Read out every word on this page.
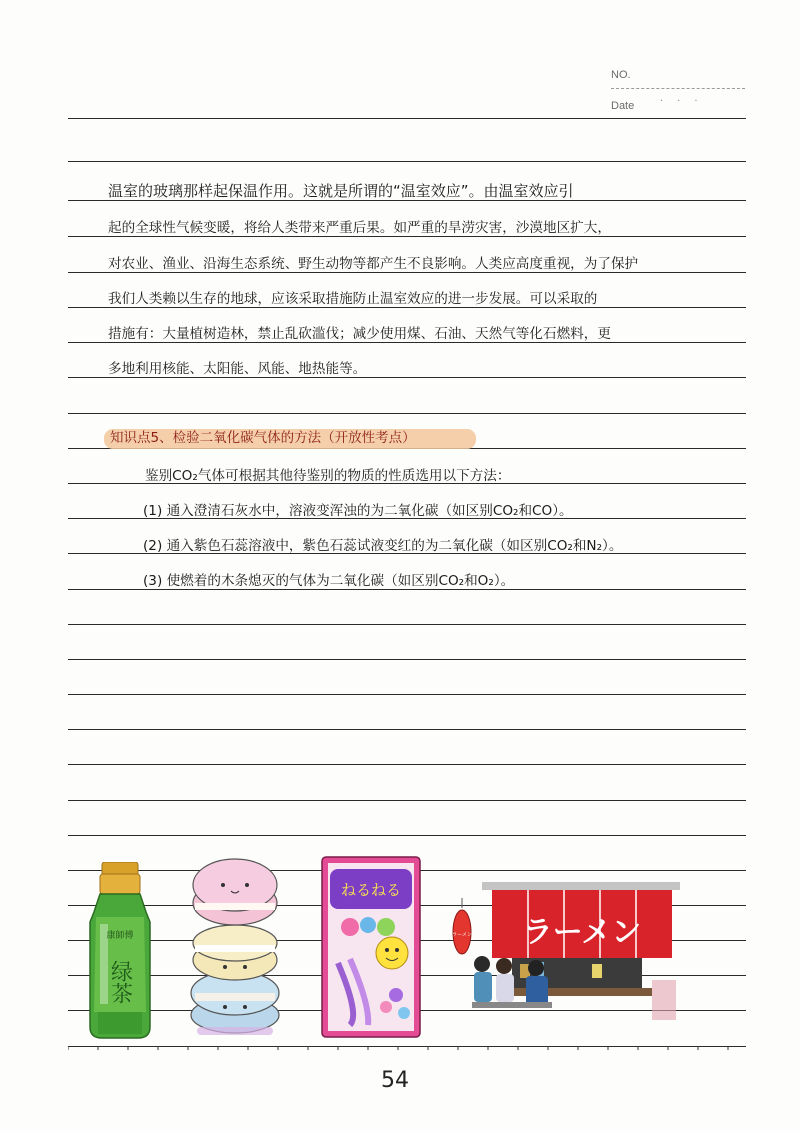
NO.
Date	···
温室的玻璃那样起保温作用。这就是所谓的“温室效应”。由温室效应引
起的全球性气候变暖，将给人类带来严重后果。如严重的旱涝灾害，沙漠地区扩大，
对农业、渔业、沿海生态系统、野生动物等都产生不良影响。人类应高度重视，为了保护
我们人类赖以生存的地球，应该采取措施防止温室效应的进一步发展。可以采取的
措施有：大量植树造林，禁止乱砍滥伐；减少使用煤、石油、天然气等化石燃料，更
多地利用核能、太阳能、风能、地热能等。
知识点5、检验二氧化碳气体的方法（开放性考点）
鉴别CO₂气体可根据其他待鉴别的物质的性质选用以下方法：
(1) 通入澄清石灰水中，溶液变浑浊的为二氧化碳（如区别CO₂和CO）。
(2) 通入紫色石蕊溶液中，紫色石蕊试液变红的为二氧化碳（如区别CO₂和N₂）。
(3) 使燃着的木条熄灭的气体为二氧化碳（如区别CO₂和O₂）。
康師傅
绿茶
ねるねる
ラーメン ラーメン
54
